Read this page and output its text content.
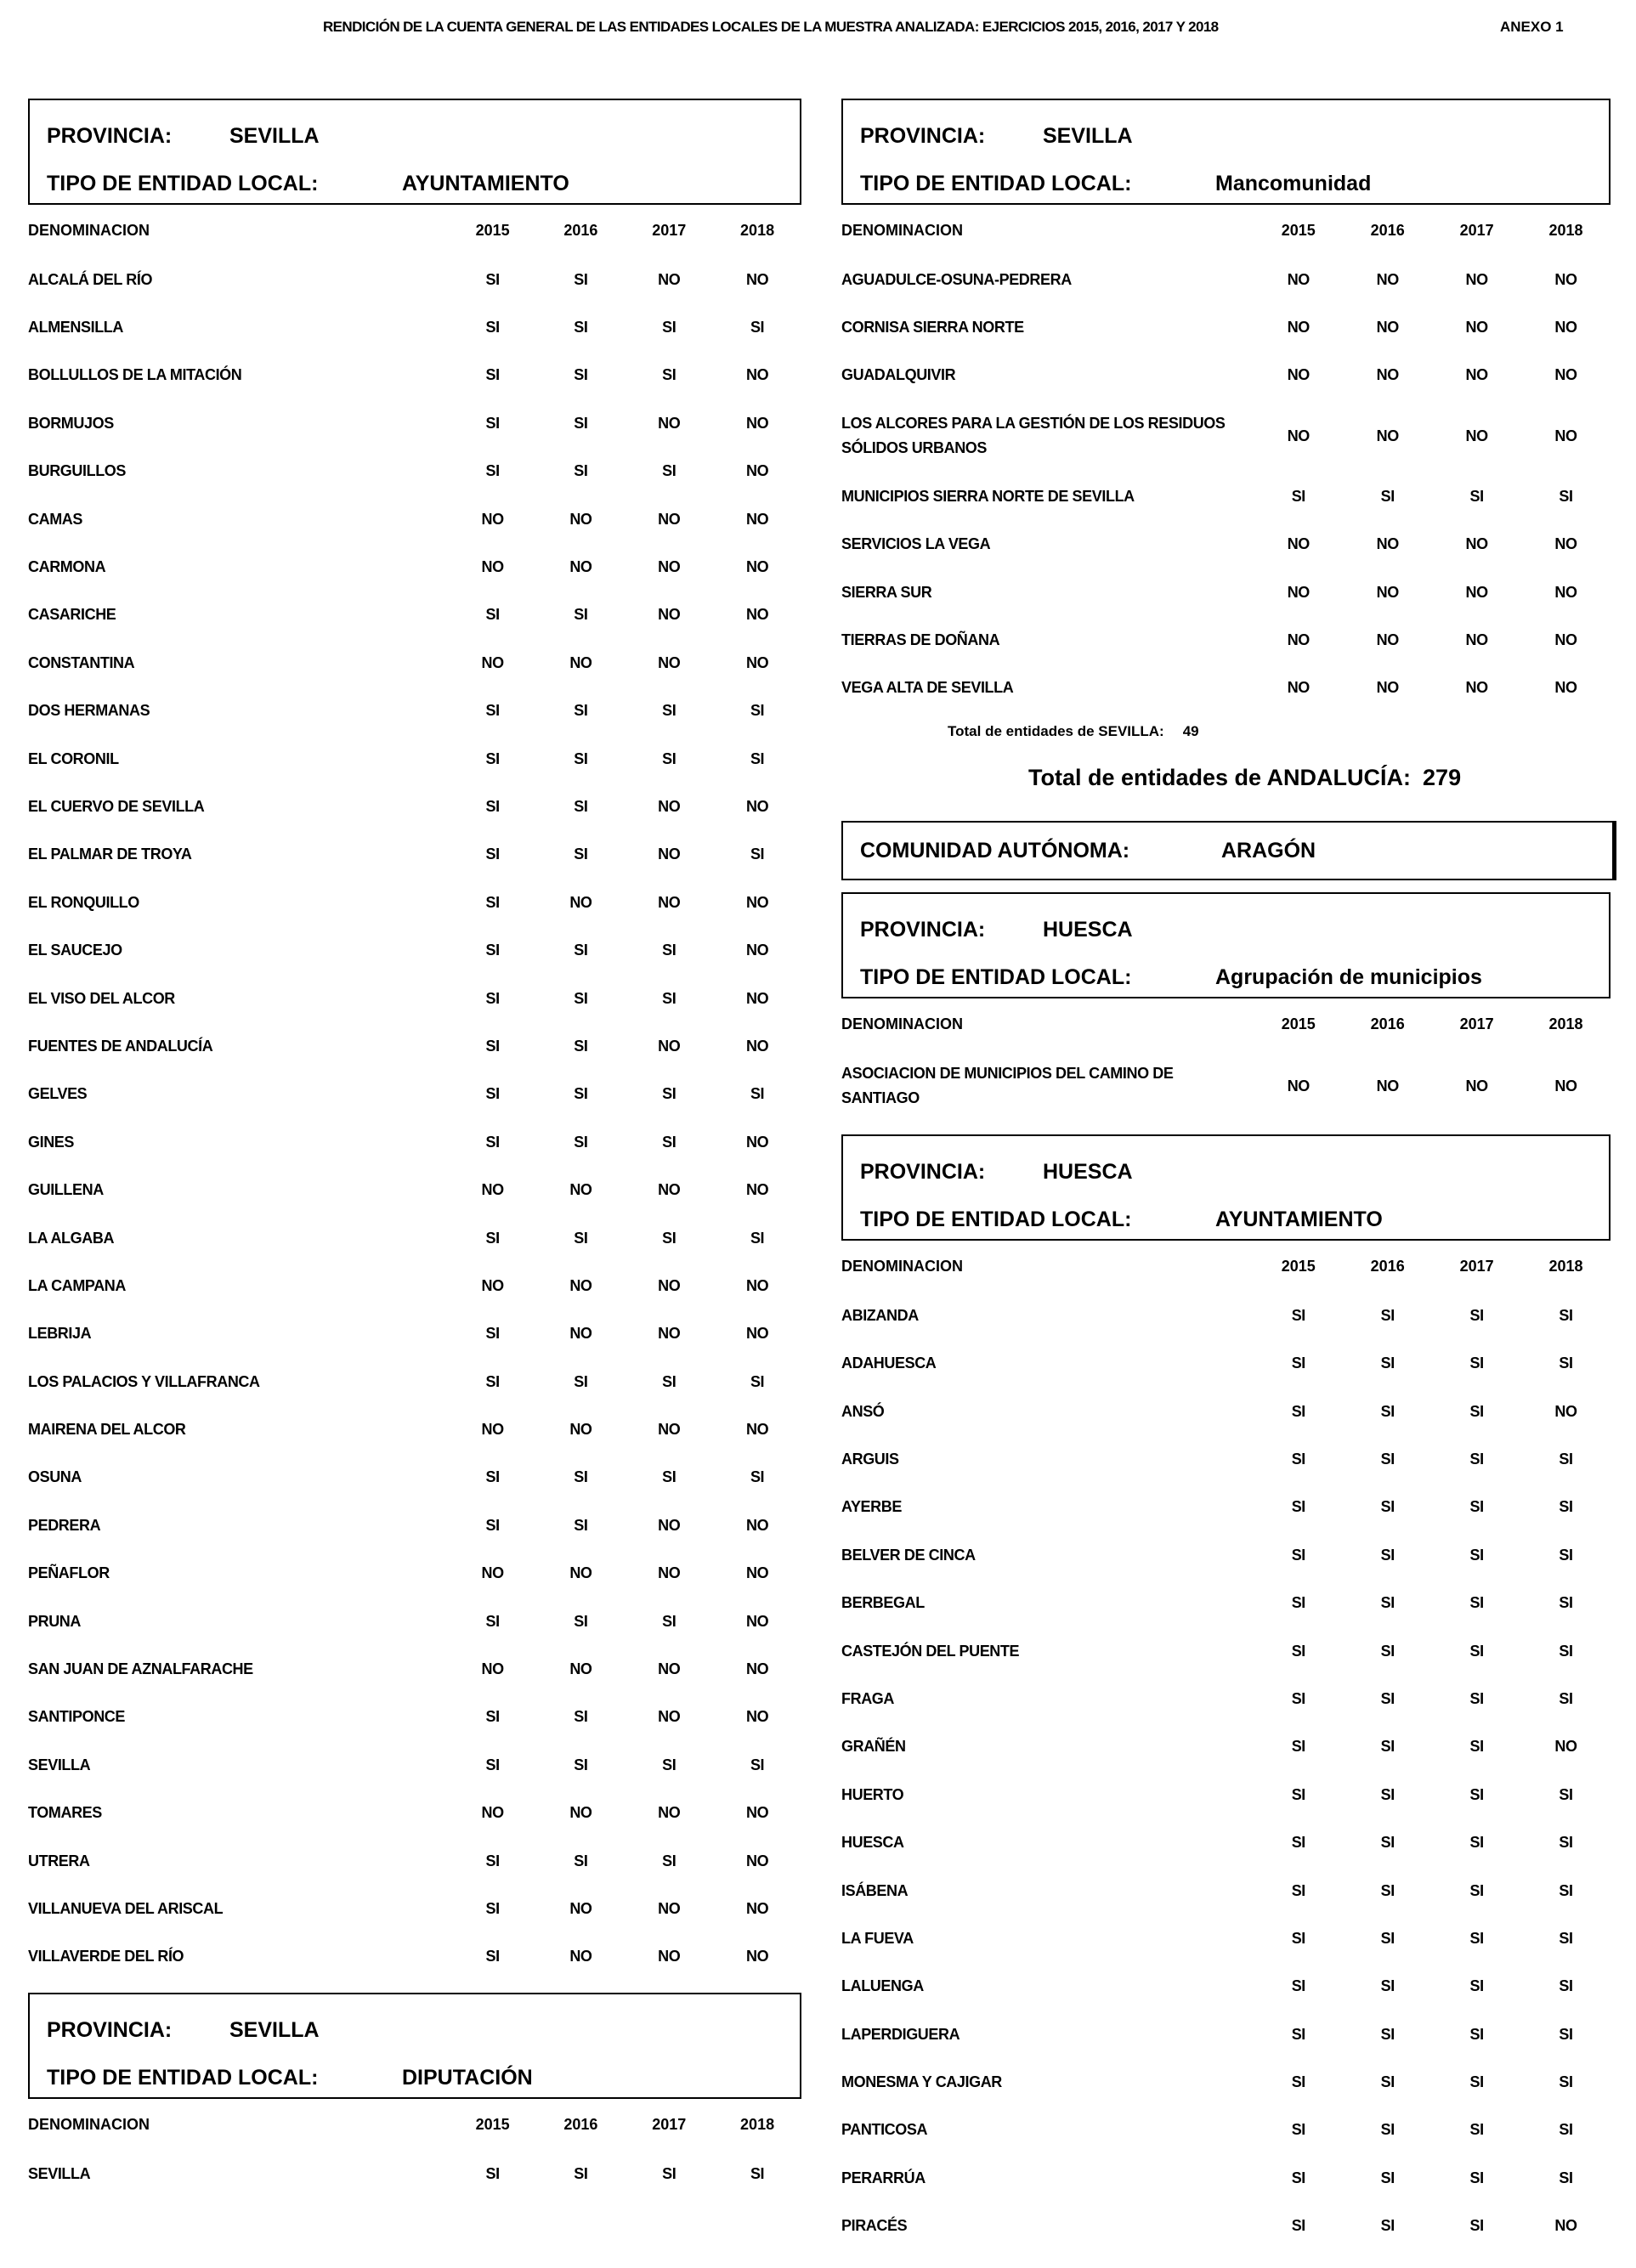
RENDICIÓN DE LA CUENTA GENERAL DE LAS ENTIDADES LOCALES DE LA MUESTRA ANALIZADA: EJERCICIOS 2015, 2016, 2017 Y 2018	ANEXO 1
PROVINCIA:	SEVILLA
TIPO DE ENTIDAD LOCAL:	AYUNTAMIENTO
DENOMINACION	2015	2016	2017	2018
ALCALÁ DEL RÍO	SI	SI	NO	NO
ALMENSILLA	SI	SI	SI	SI
BOLLULLOS DE LA MITACIÓN	SI	SI	SI	NO
BORMUJOS	SI	SI	NO	NO
BURGUILLOS	SI	SI	SI	NO
CAMAS	NO	NO	NO	NO
CARMONA	NO	NO	NO	NO
CASARICHE	SI	SI	NO	NO
CONSTANTINA	NO	NO	NO	NO
DOS HERMANAS	SI	SI	SI	SI
EL CORONIL	SI	SI	SI	SI
EL CUERVO DE SEVILLA	SI	SI	NO	NO
EL PALMAR DE TROYA	SI	SI	NO	SI
EL RONQUILLO	SI	NO	NO	NO
EL SAUCEJO	SI	SI	SI	NO
EL VISO DEL ALCOR	SI	SI	SI	NO
FUENTES DE ANDALUCÍA	SI	SI	NO	NO
GELVES	SI	SI	SI	SI
GINES	SI	SI	SI	NO
GUILLENA	NO	NO	NO	NO
LA ALGABA	SI	SI	SI	SI
LA CAMPANA	NO	NO	NO	NO
LEBRIJA	SI	NO	NO	NO
LOS PALACIOS Y VILLAFRANCA	SI	SI	SI	SI
MAIRENA DEL ALCOR	NO	NO	NO	NO
OSUNA	SI	SI	SI	SI
PEDRERA	SI	SI	NO	NO
PEÑAFLOR	NO	NO	NO	NO
PRUNA	SI	SI	SI	NO
SAN JUAN DE AZNALFARACHE	NO	NO	NO	NO
SANTIPONCE	SI	SI	NO	NO
SEVILLA	SI	SI	SI	SI
TOMARES	NO	NO	NO	NO
UTRERA	SI	SI	SI	NO
VILLANUEVA DEL ARISCAL	SI	NO	NO	NO
VILLAVERDE DEL RÍO	SI	NO	NO	NO
PROVINCIA:	SEVILLA
TIPO DE ENTIDAD LOCAL:	DIPUTACIÓN
DENOMINACION	2015	2016	2017	2018
SEVILLA	SI	SI	SI	SI
PROVINCIA:	SEVILLA
TIPO DE ENTIDAD LOCAL:	Mancomunidad
DENOMINACION	2015	2016	2017	2018
AGUADULCE-OSUNA-PEDRERA	NO	NO	NO	NO
CORNISA SIERRA NORTE	NO	NO	NO	NO
GUADALQUIVIR	NO	NO	NO	NO
LOS ALCORES PARA LA GESTIÓN DE LOS RESIDUOS SÓLIDOS URBANOS
NO	NO	NO	NO
MUNICIPIOS SIERRA NORTE DE SEVILLA	SI	SI	SI	SI
SERVICIOS LA VEGA	NO	NO	NO	NO
SIERRA SUR	NO	NO	NO	NO
TIERRAS DE DOÑANA	NO	NO	NO	NO
VEGA ALTA DE SEVILLA	NO	NO	NO	NO
Total de entidades de SEVILLA: 49
Total de entidades de ANDALUCÍA: 279
COMUNIDAD AUTÓNOMA:	ARAGÓN
PROVINCIA:	HUESCA
TIPO DE ENTIDAD LOCAL:	Agrupación de municipios
DENOMINACION	2015	2016	2017	2018
ASOCIACION DE MUNICIPIOS DEL CAMINO DE SANTIAGO
NO	NO	NO	NO
PROVINCIA:	HUESCA
TIPO DE ENTIDAD LOCAL:	AYUNTAMIENTO
DENOMINACION	2015	2016	2017	2018
ABIZANDA	SI	SI	SI	SI
ADAHUESCA	SI	SI	SI	SI
ANSÓ	SI	SI	SI	NO
ARGUIS	SI	SI	SI	SI
AYERBE	SI	SI	SI	SI
BELVER DE CINCA	SI	SI	SI	SI
BERBEGAL	SI	SI	SI	SI
CASTEJÓN DEL PUENTE	SI	SI	SI	SI
FRAGA	SI	SI	SI	SI
GRAÑÉN	SI	SI	SI	NO
HUERTO	SI	SI	SI	SI
HUESCA	SI	SI	SI	SI
ISÁBENA	SI	SI	SI	SI
LA FUEVA	SI	SI	SI	SI
LALUENGA	SI	SI	SI	SI
LAPERDIGUERA	SI	SI	SI	SI
MONESMA Y CAJIGAR	SI	SI	SI	SI
PANTICOSA	SI	SI	SI	SI
PERARRÚA	SI	SI	SI	SI
PIRACÉS	SI	SI	SI	NO
